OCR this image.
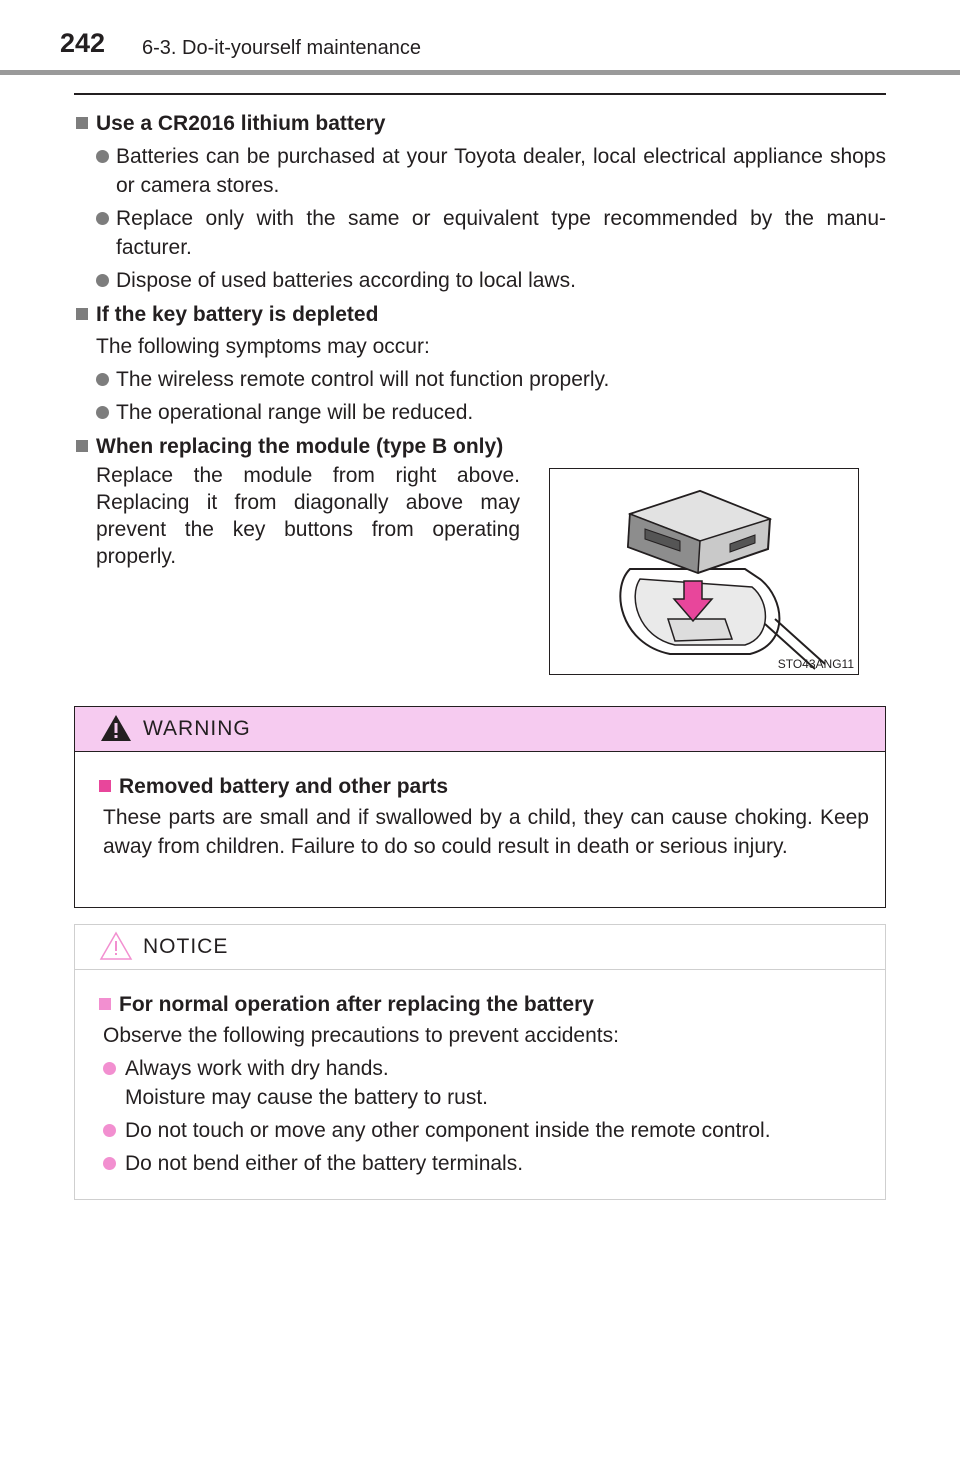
242 6-3. Do-it-yourself maintenance
Use a CR2016 lithium battery
Batteries can be purchased at your Toyota dealer, local electrical appliance shops or camera stores.
Replace only with the same or equivalent type recommended by the manu-facturer.
Dispose of used batteries according to local laws.
If the key battery is depleted
The following symptoms may occur:
The wireless remote control will not function properly.
The operational range will be reduced.
When replacing the module (type B only)
Replace the module from right above. Replacing it from diagonally above may prevent the key buttons from operating properly.
STO43ANG11
WARNING
Removed battery and other parts
These parts are small and if swallowed by a child, they can cause choking. Keep away from children. Failure to do so could result in death or serious injury.
NOTICE
For normal operation after replacing the battery
Observe the following precautions to prevent accidents:
Always work with dry hands.
Moisture may cause the battery to rust.
Do not touch or move any other component inside the remote control.
Do not bend either of the battery terminals.
